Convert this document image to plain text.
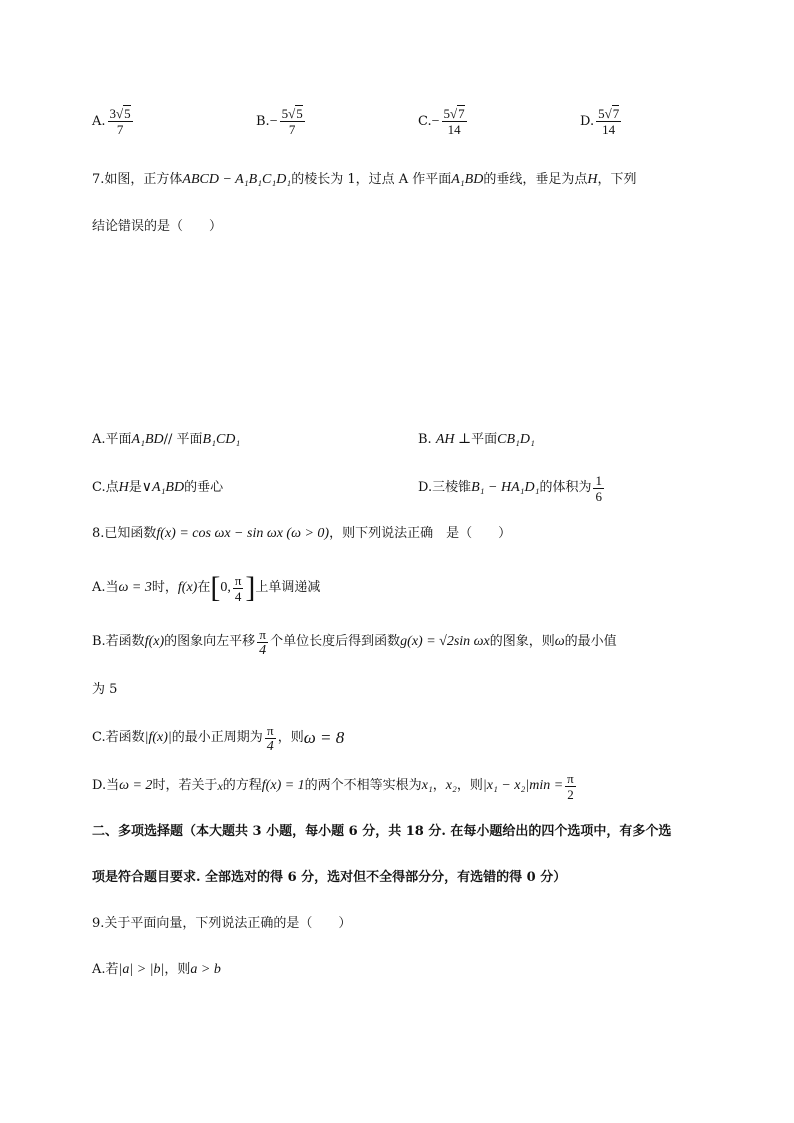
A. $\frac{3√5}{7}$	B. − $\frac{5√5}{7}$	C. − $\frac{5√7}{14}$	D. $\frac{5√7}{14}$
7.如图，正方体ABCD − A₁B₁C₁D₁的棱长为 1，过点 A 作平面A₁BD的垂线，垂足为点H，下列
结论错误的是（　　）
A.平面A₁BD// 平面B₁CD₁	B. AH ⊥平面CB₁D₁
C.点H是∨A₁BD的垂心	D.三棱锥 B₁ − HA₁D₁ 的体积为 $\frac{1}{6}$
8.已知函数f(x) = cos ωx − sin ωx (ω > 0)，则下列说法正确　是（　　）
A.当 ω = 3 时， f(x) 在 [ 0, $\frac{\pi}{4}$ ] 上单调递减
B.若函数 f(x) 的图象向左平移 $\frac{\pi}{4}$ 个单位长度后得到函数 g(x) = √2sin ωx 的图象，则 ω 的最小值
为 5
C.若函数 |f(x)| 的最小正周期为 $\frac{\pi}{4}$ ，则 ω = 8
D.当 ω = 2 时，若关于 x 的方程 f(x) = 1 的两个不相等实根为 x₁ ， x₂ ，则 $|x_1 - x_2|\min = \frac{\pi}{2}$
二、多项选择题（本大题共 3 小题，每小题 6 分，共 18 分. 在每小题给出的四个选项中，有多个选
项是符合题目要求. 全部选对的得 6 分，选对但不全得部分分，有选错的得 0 分）
9.关于平面向量，下列说法正确的是（　　）
A.若|a| > |b|，则a > b
